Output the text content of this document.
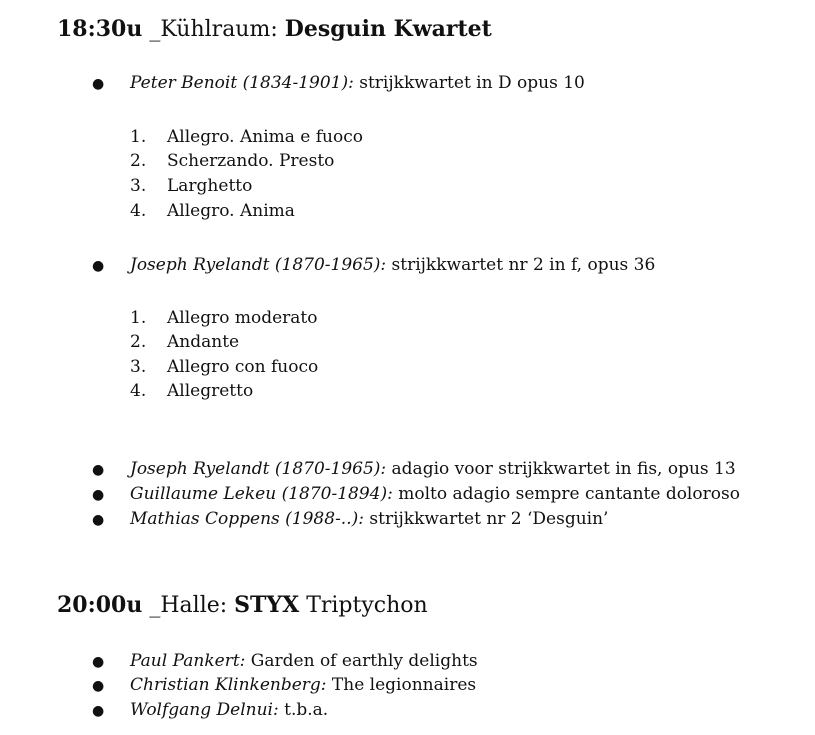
18:30u _Kühlraum: Desguin Kwartet
● Peter Benoit (1834-1901): strijkkwartet in D opus 10
1. Allegro. Anima e fuoco
2. Scherzando. Presto
3. Larghetto
4. Allegro. Anima
● Joseph Ryelandt (1870-1965): strijkkwartet nr 2 in f, opus 36
1. Allegro moderato
2. Andante
3. Allegro con fuoco
4. Allegretto
● Joseph Ryelandt (1870-1965): adagio voor strijkkwartet in fis, opus 13
● Guillaume Lekeu (1870-1894): molto adagio sempre cantante doloroso
● Mathias Coppens (1988-..): strijkkwartet nr 2 ‘Desguin’
20:00u _Halle: STYX Triptychon
● Paul Pankert: Garden of earthly delights
● Christian Klinkenberg: The legionnaires
● Wolfgang Delnui: t.b.a.
